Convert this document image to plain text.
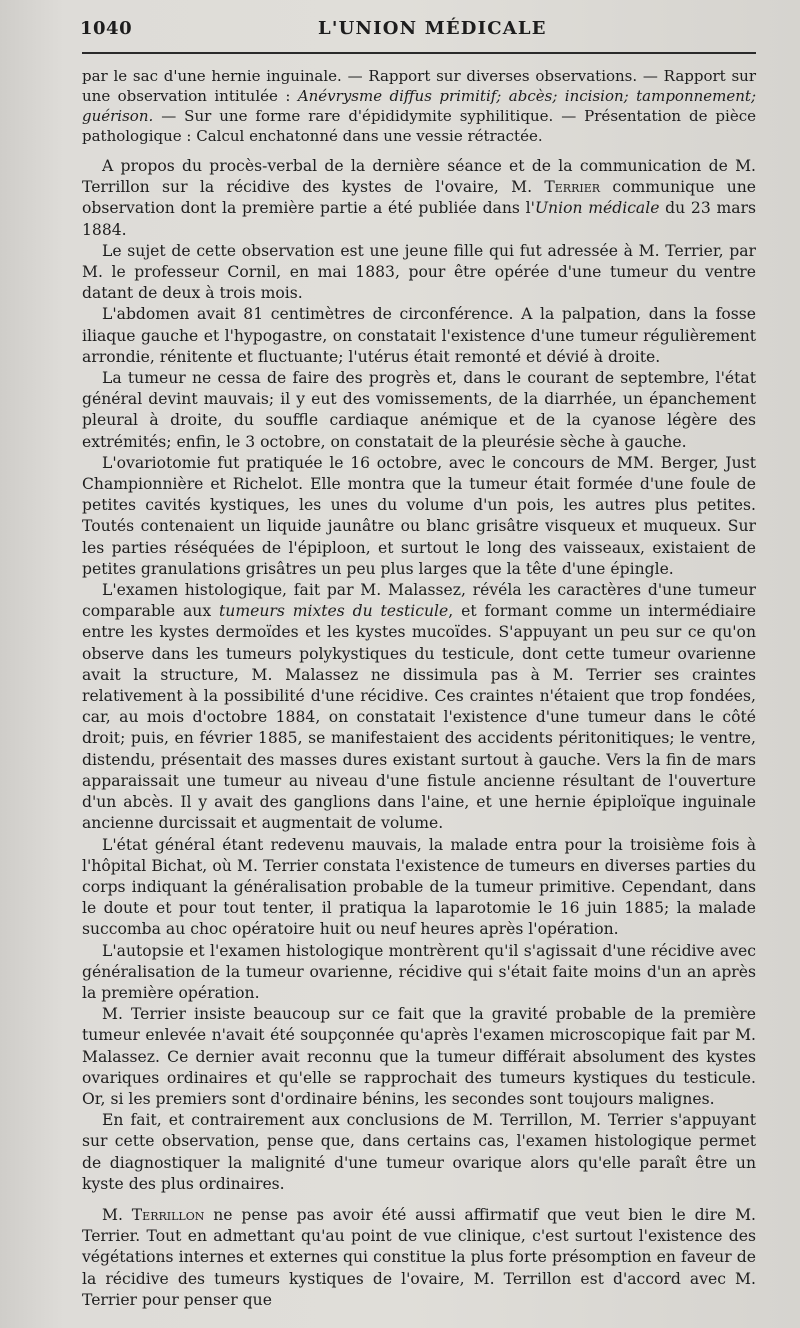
1040	L'UNION MÉDICALE

par le sac d'une hernie inguinale. — Rapport sur diverses observations. — Rapport sur une observation intitulée : Anévrysme diffus primitif; abcès; incision; tamponnement; guérison. — Sur une forme rare d'épididymite syphilitique. — Présentation de pièce pathologique : Calcul enchatonné dans une vessie rétractée.

A propos du procès-verbal de la dernière séance et de la communication de M. Terrillon sur la récidive des kystes de l'ovaire, M. Terrier communique une observation dont la première partie a été publiée dans l'Union médicale du 23 mars 1884.

Le sujet de cette observation est une jeune fille qui fut adressée à M. Terrier, par M. le professeur Cornil, en mai 1883, pour être opérée d'une tumeur du ventre datant de deux à trois mois.

L'abdomen avait 81 centimètres de circonférence. A la palpation, dans la fosse iliaque gauche et l'hypogastre, on constatait l'existence d'une tumeur régulièrement arrondie, rénitente et fluctuante; l'utérus était remonté et dévié à droite.

La tumeur ne cessa de faire des progrès et, dans le courant de septembre, l'état général devint mauvais; il y eut des vomissements, de la diarrhée, un épanchement pleural à droite, du souffle cardiaque anémique et de la cyanose légère des extrémités; enfin, le 3 octobre, on constatait de la pleurésie sèche à gauche.

L'ovariotomie fut pratiquée le 16 octobre, avec le concours de MM. Berger, Just Championnière et Richelot. Elle montra que la tumeur était formée d'une foule de petites cavités kystiques, les unes du volume d'un pois, les autres plus petites. Toutés contenaient un liquide jaunâtre ou blanc grisâtre visqueux et muqueux. Sur les parties réséquées de l'épiploon, et surtout le long des vaisseaux, existaient de petites granulations grisâtres un peu plus larges que la tête d'une épingle.

L'examen histologique, fait par M. Malassez, révéla les caractères d'une tumeur comparable aux tumeurs mixtes du testicule, et formant comme un intermédiaire entre les kystes dermoïdes et les kystes mucoïdes. S'appuyant un peu sur ce qu'on observe dans les tumeurs polykystiques du testicule, dont cette tumeur ovarienne avait la structure, M. Malassez ne dissimula pas à M. Terrier ses craintes relativement à la possibilité d'une récidive. Ces craintes n'étaient que trop fondées, car, au mois d'octobre 1884, on constatait l'existence d'une tumeur dans le côté droit; puis, en février 1885, se manifestaient des accidents péritonitiques; le ventre, distendu, présentait des masses dures existant surtout à gauche. Vers la fin de mars apparaissait une tumeur au niveau d'une fistule ancienne résultant de l'ouverture d'un abcès. Il y avait des ganglions dans l'aine, et une hernie épiploïque inguinale ancienne durcissait et augmentait de volume.

L'état général étant redevenu mauvais, la malade entra pour la troisième fois à l'hôpital Bichat, où M. Terrier constata l'existence de tumeurs en diverses parties du corps indiquant la généralisation probable de la tumeur primitive. Cependant, dans le doute et pour tout tenter, il pratiqua la laparotomie le 16 juin 1885; la malade succomba au choc opératoire huit ou neuf heures après l'opération.

L'autopsie et l'examen histologique montrèrent qu'il s'agissait d'une récidive avec généralisation de la tumeur ovarienne, récidive qui s'était faite moins d'un an après la première opération.

M. Terrier insiste beaucoup sur ce fait que la gravité probable de la première tumeur enlevée n'avait été soupçonnée qu'après l'examen microscopique fait par M. Malassez. Ce dernier avait reconnu que la tumeur différait absolument des kystes ovariques ordinaires et qu'elle se rapprochait des tumeurs kystiques du testicule. Or, si les premiers sont d'ordinaire bénins, les secondes sont toujours malignes.

En fait, et contrairement aux conclusions de M. Terrillon, M. Terrier s'appuyant sur cette observation, pense que, dans certains cas, l'examen histologique permet de diagnostiquer la malignité d'une tumeur ovarique alors qu'elle paraît être un kyste des plus ordinaires.

M. Terrillon ne pense pas avoir été aussi affirmatif que veut bien le dire M. Terrier. Tout en admettant qu'au point de vue clinique, c'est surtout l'existence des végétations internes et externes qui constitue la plus forte présomption en faveur de la récidive des tumeurs kystiques de l'ovaire, M. Terrillon est d'accord avec M. Terrier pour penser que
